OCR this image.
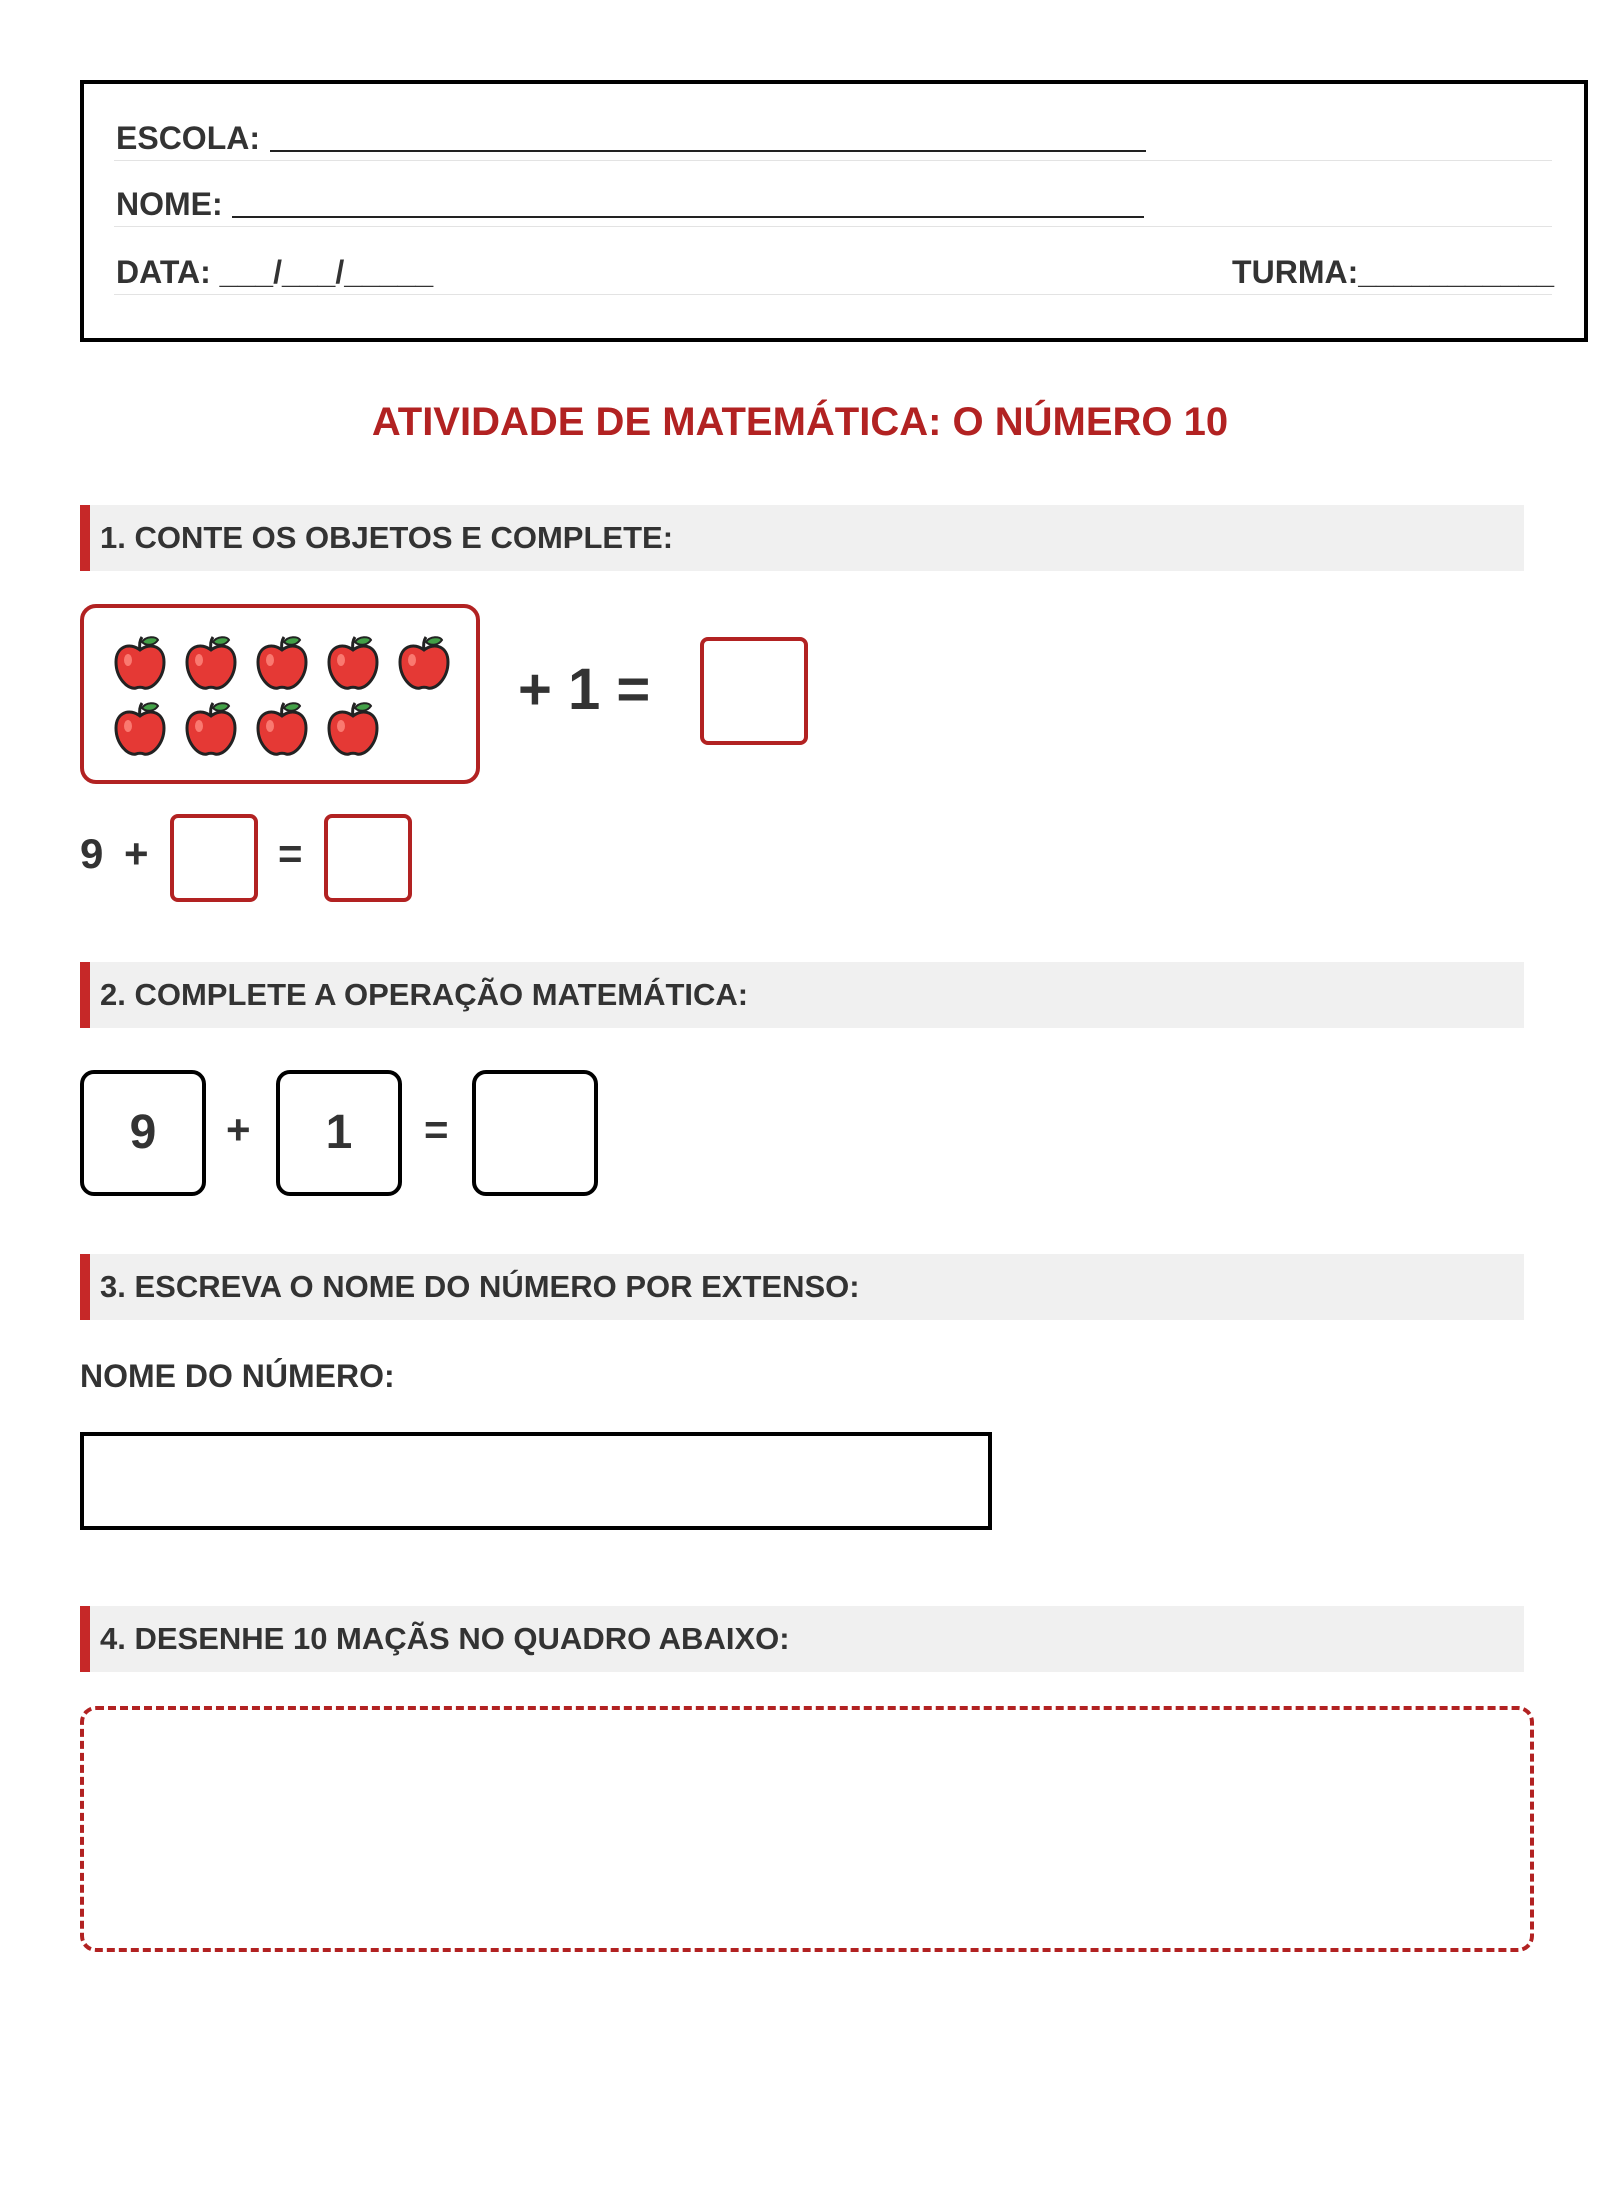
ESCOLA:
NOME:
DATA: ___/___/_____	TURMA:___________
ATIVIDADE DE MATEMÁTICA: O NÚMERO 10
1. CONTE OS OBJETOS E COMPLETE:
+ 1 =
9 +	=
2. COMPLETE A OPERAÇÃO MATEMÁTICA:
9	+	1	=
3. ESCREVA O NOME DO NÚMERO POR EXTENSO:
NOME DO NÚMERO:
4. DESENHE 10 MAÇÃS NO QUADRO ABAIXO:
